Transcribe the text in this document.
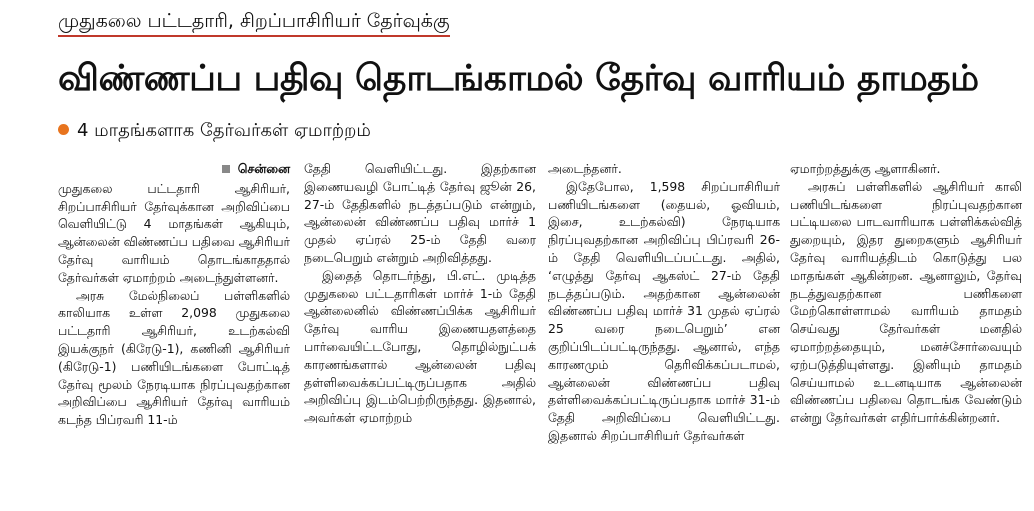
முதுகலை பட்டதாரி, சிறப்பாசிரியர் தேர்வுக்கு
விண்ணப்ப பதிவு தொடங்காமல் தேர்வு வாரியம் தாமதம்
4 மாதங்களாக தேர்வர்கள் ஏமாற்றம்
சென்னை

முதுகலை பட்டதாரி ஆசிரியர், சிறப்பாசிரியர் தேர்வுக்கான அறிவிப்பை வெளியிட்டு 4 மாதங்கள் ஆகியும், ஆன்லைன் விண்ணப்ப பதிவை ஆசிரியர் தேர்வு வாரியம் தொடங்காததால் தேர்வர்கள் ஏமாற்றம் அடைந்துள்ளனர்.

அரசு மேல்நிலைப் பள்ளிகளில் காலியாக உள்ள 2,098 முதுகலை பட்டதாரி ஆசிரியர், உடற்கல்வி இயக்குநர் (கிரேடு-1), கணினி ஆசிரியர் (கிரேடு-1) பணியிடங்களை போட்டித் தேர்வு மூலம் நேரடியாக நிரப்புவதற்கான அறிவிப்பை ஆசிரியர் தேர்வு வாரியம் கடந்த பிப்ரவரி 11-ம்

தேதி வெளியிட்டது. இதற்கான இணையவழி போட்டித் தேர்வு ஜூன் 26, 27-ம் தேதிகளில் நடத்தப்படும் என்றும், ஆன்லைன் விண்ணப்ப பதிவு மார்ச் 1 முதல் ஏப்ரல் 25-ம் தேதி வரை நடைபெறும் என்றும் அறிவித்தது.

இதைத் தொடர்ந்து, பி.எட். முடித்த முதுகலை பட்டதாரிகள் மார்ச் 1-ம் தேதி ஆன்லைனில் விண்ணப்பிக்க ஆசிரியர் தேர்வு வாரிய இணையதளத்தை பார்வையிட்டபோது, தொழில்நுட்பக் காரணங்களால் ஆன்லைன் பதிவு தள்ளிவைக்கப்பட்டிருப்பதாக அதில் அறிவிப்பு இடம்பெற்றிருந்தது. இதனால், அவர்கள் ஏமாற்றம்

அடைந்தனர்.

இதேபோல, 1,598 சிறப்பாசிரியர் பணியிடங்களை (தையல், ஓவியம், இசை, உடற்கல்வி) நேரடியாக நிரப்புவதற்கான அறிவிப்பு பிப்ரவரி 26-ம் தேதி வெளியிடப்பட்டது. அதில், ‘எழுத்து தேர்வு ஆகஸ்ட் 27-ம் தேதி நடத்தப்படும். அதற்கான ஆன்லைன் விண்ணப்ப பதிவு மார்ச் 31 முதல் ஏப்ரல் 25 வரை நடைபெறும்’ என குறிப்பிடப்பட்டிருந்தது. ஆனால், எந்த காரணமும் தெரிவிக்கப்படாமல், ஆன்லைன் விண்ணப்ப பதிவு தள்ளிவைக்கப்பட்டிருப்பதாக மார்ச் 31-ம் தேதி அறிவிப்பை வெளியிட்டது. இதனால் சிறப்பாசிரியர் தேர்வர்கள்

ஏமாற்றத்துக்கு ஆளாகினர்.

அரசுப் பள்ளிகளில் ஆசிரியர் காலி பணியிடங்களை நிரப்புவதற்கான பட்டியலை பாடவாரியாக பள்ளிக்கல்வித் துறையும், இதர துறைகளும் ஆசிரியர் தேர்வு வாரியத்திடம் கொடுத்து பல மாதங்கள் ஆகின்றன. ஆனாலும், தேர்வு நடத்துவதற்கான பணிகளை மேற்கொள்ளாமல் வாரியம் தாமதம் செய்வது தேர்வர்கள் மனதில் ஏமாற்றத்தையும், மனச்சோர்வையும் ஏற்படுத்தியுள்ளது. இனியும் தாமதம் செய்யாமல் உடனடியாக ஆன்லைன் விண்ணப்ப பதிவை தொடங்க வேண்டும் என்று தேர்வர்கள் எதிர்பார்க்கின்றனர்.
